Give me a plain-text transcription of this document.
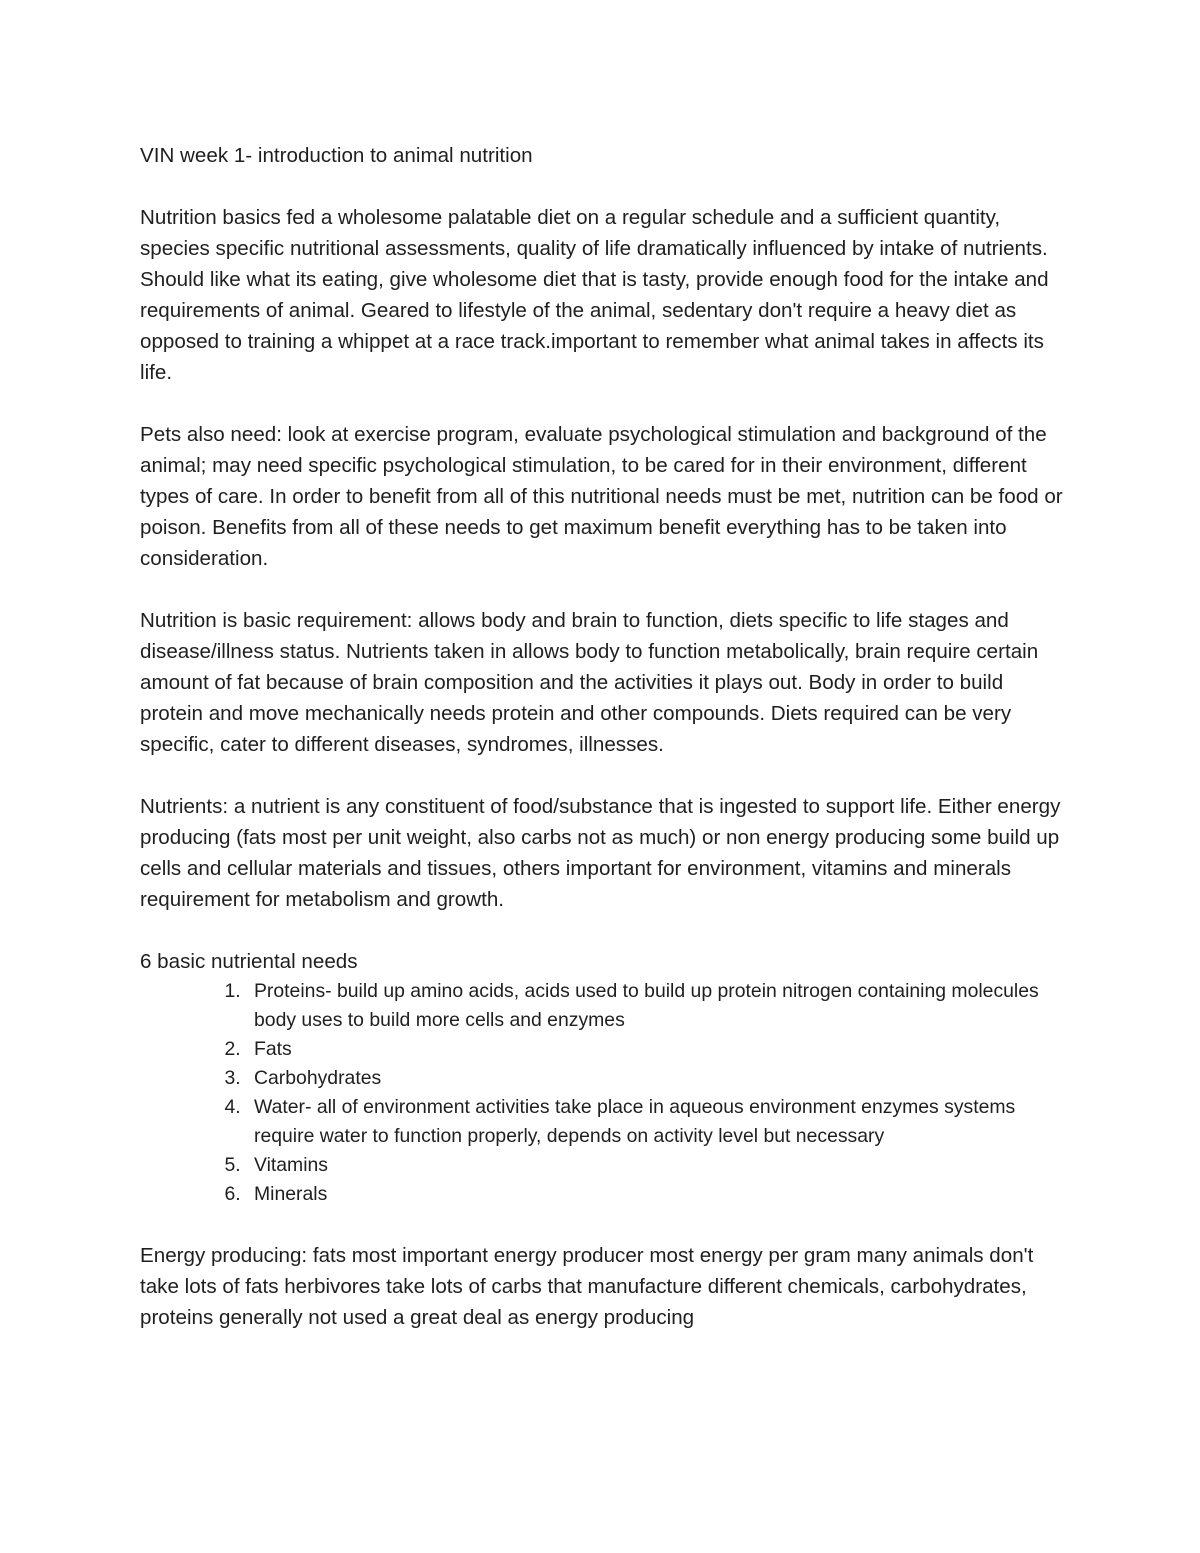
VIN week 1- introduction to animal nutrition

Nutrition basics fed a wholesome palatable diet on a regular schedule and a sufficient quantity, species specific nutritional assessments, quality of life dramatically influenced by intake of nutrients. Should like what its eating, give wholesome diet that is tasty, provide enough food for the intake and requirements of animal. Geared to lifestyle of the animal, sedentary don't require a heavy diet as opposed to training a whippet at a race track.important to remember what animal takes in affects its life.

Pets also need: look at exercise program, evaluate psychological stimulation and background of the animal; may need specific psychological stimulation, to be cared for in their environment, different types of care. In order to benefit from all of this nutritional needs must be met, nutrition can be food or poison. Benefits from all of these needs to get maximum benefit everything has to be taken into consideration.

Nutrition is basic requirement: allows body and brain to function, diets specific to life stages and disease/illness status. Nutrients taken in allows body to function metabolically, brain require certain amount of fat because of brain composition and the activities it plays out. Body in order to build protein and move mechanically needs protein and other compounds. Diets required can be very specific, cater to different diseases, syndromes, illnesses.

Nutrients: a nutrient is any constituent of food/substance that is ingested to support life. Either energy producing (fats most per unit weight, also carbs not as much) or non energy producing some build up cells and cellular materials and tissues, others important for environment, vitamins and minerals requirement for metabolism and growth.

6 basic nutriental needs

1. Proteins- build up amino acids, acids used to build up protein nitrogen containing molecules body uses to build more cells and enzymes
2. Fats
3. Carbohydrates
4. Water- all of environment activities take place in aqueous environment enzymes systems require water to function properly, depends on activity level but necessary
5. Vitamins
6. Minerals

Energy producing: fats most important energy producer most energy per gram many animals don't take lots of fats herbivores take lots of carbs that manufacture different chemicals, carbohydrates, proteins generally not used a great deal as energy producing
